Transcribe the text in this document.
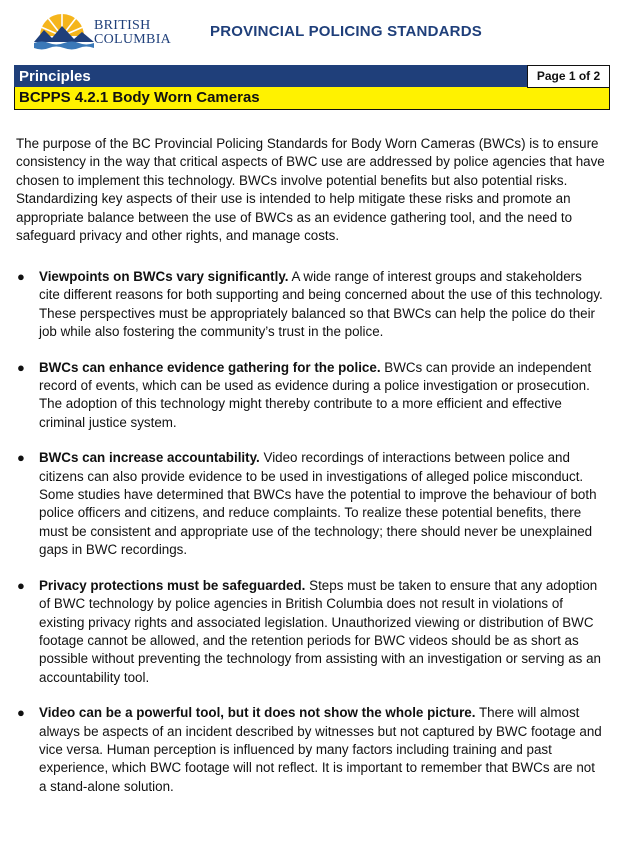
BRITISH
COLUMBIA	PROVINCIAL POLICING STANDARDS
Principles	Page 1 of 2
BCPPS 4.2.1 Body Worn Cameras

The purpose of the BC Provincial Policing Standards for Body Worn Cameras (BWCs) is to ensure consistency in the way that critical aspects of BWC use are addressed by police agencies that have chosen to implement this technology. BWCs involve potential benefits but also potential risks. Standardizing key aspects of their use is intended to help mitigate these risks and promote an appropriate balance between the use of BWCs as an evidence gathering tool, and the need to safeguard privacy and other rights, and manage costs.

● Viewpoints on BWCs vary significantly. A wide range of interest groups and stakeholders cite different reasons for both supporting and being concerned about the use of this technology. These perspectives must be appropriately balanced so that BWCs can help the police do their job while also fostering the community’s trust in the police.
● BWCs can enhance evidence gathering for the police. BWCs can provide an independent record of events, which can be used as evidence during a police investigation or prosecution. The adoption of this technology might thereby contribute to a more efficient and effective criminal justice system.
● BWCs can increase accountability. Video recordings of interactions between police and citizens can also provide evidence to be used in investigations of alleged police misconduct. Some studies have determined that BWCs have the potential to improve the behaviour of both police officers and citizens, and reduce complaints. To realize these potential benefits, there must be consistent and appropriate use of the technology; there should never be unexplained gaps in BWC recordings.
● Privacy protections must be safeguarded. Steps must be taken to ensure that any adoption of BWC technology by police agencies in British Columbia does not result in violations of existing privacy rights and associated legislation. Unauthorized viewing or distribution of BWC footage cannot be allowed, and the retention periods for BWC videos should be as short as possible without preventing the technology from assisting with an investigation or serving as an accountability tool.
● Video can be a powerful tool, but it does not show the whole picture. There will almost always be aspects of an incident described by witnesses but not captured by BWC footage and vice versa. Human perception is influenced by many factors including training and past experience, which BWC footage will not reflect. It is important to remember that BWCs are not a stand-alone solution.
